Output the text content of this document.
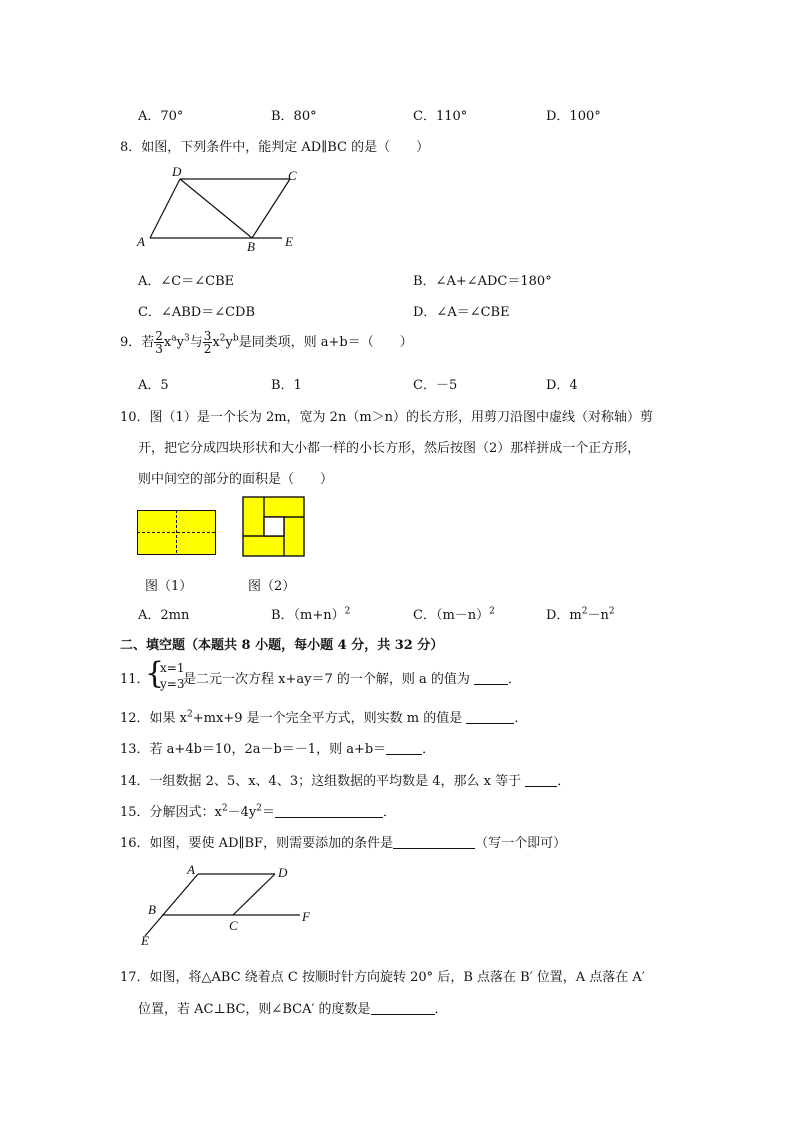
A．70°	B．80°	C．110°	D．100°
8．如图，下列条件中，能判定 AD∥BC 的是（　　）
D	C
A	B E
A．∠C＝∠CBE	B．∠A+∠ADC＝180°
C．∠ABD＝∠CDB	D．∠A＝∠CBE
9．若 $\frac{2}{3} x^ay^3$与 $\frac{3}{2} x^2y^b$是同类项，则 a+b＝（　　）
A．5	B．1	C．－5	D．4
10．图（1）是一个长为 2m，宽为 2n（m＞n）的长方形，用剪刀沿图中虚线（对称轴）剪
开，把它分成四块形状和大小都一样的小长方形，然后按图（2）那样拼成一个正方形，
则中间空的部分的面积是（　　）
图（1）	图（2）
A．2mn	B．$(m+n)^2$	C．$(m-n)^2$	D．$m^2-n^2$
二、填空题（本题共 8 小题，每小题 4 分，共 32 分）
11．
{
x=1
y=3
是二元一次方程 x+ay＝7 的一个解，则 a 的值为	．
12．如果 $x^2+mx+9$ 是一个完全平方式，则实数 m 的值是	．
13．若 a+4b＝10，2a－b＝－1，则 a+b＝	．
14．一组数据 2、5、x、4、3；这组数据的平均数是 4，那么 x 等于	．
15．分解因式：$x^2-4y^2=$	．
16．如图，要使 AD∥BF，则需要添加的条件是	（写一个即可）
A	D
B
C
F
E
17．如图，将△ABC 绕着点 C 按顺时针方向旋转 20° 后，B 点落在 B′ 位置，A 点落在 A′
位置，若 AC⊥BC，则∠BCA′ 的度数是	．
